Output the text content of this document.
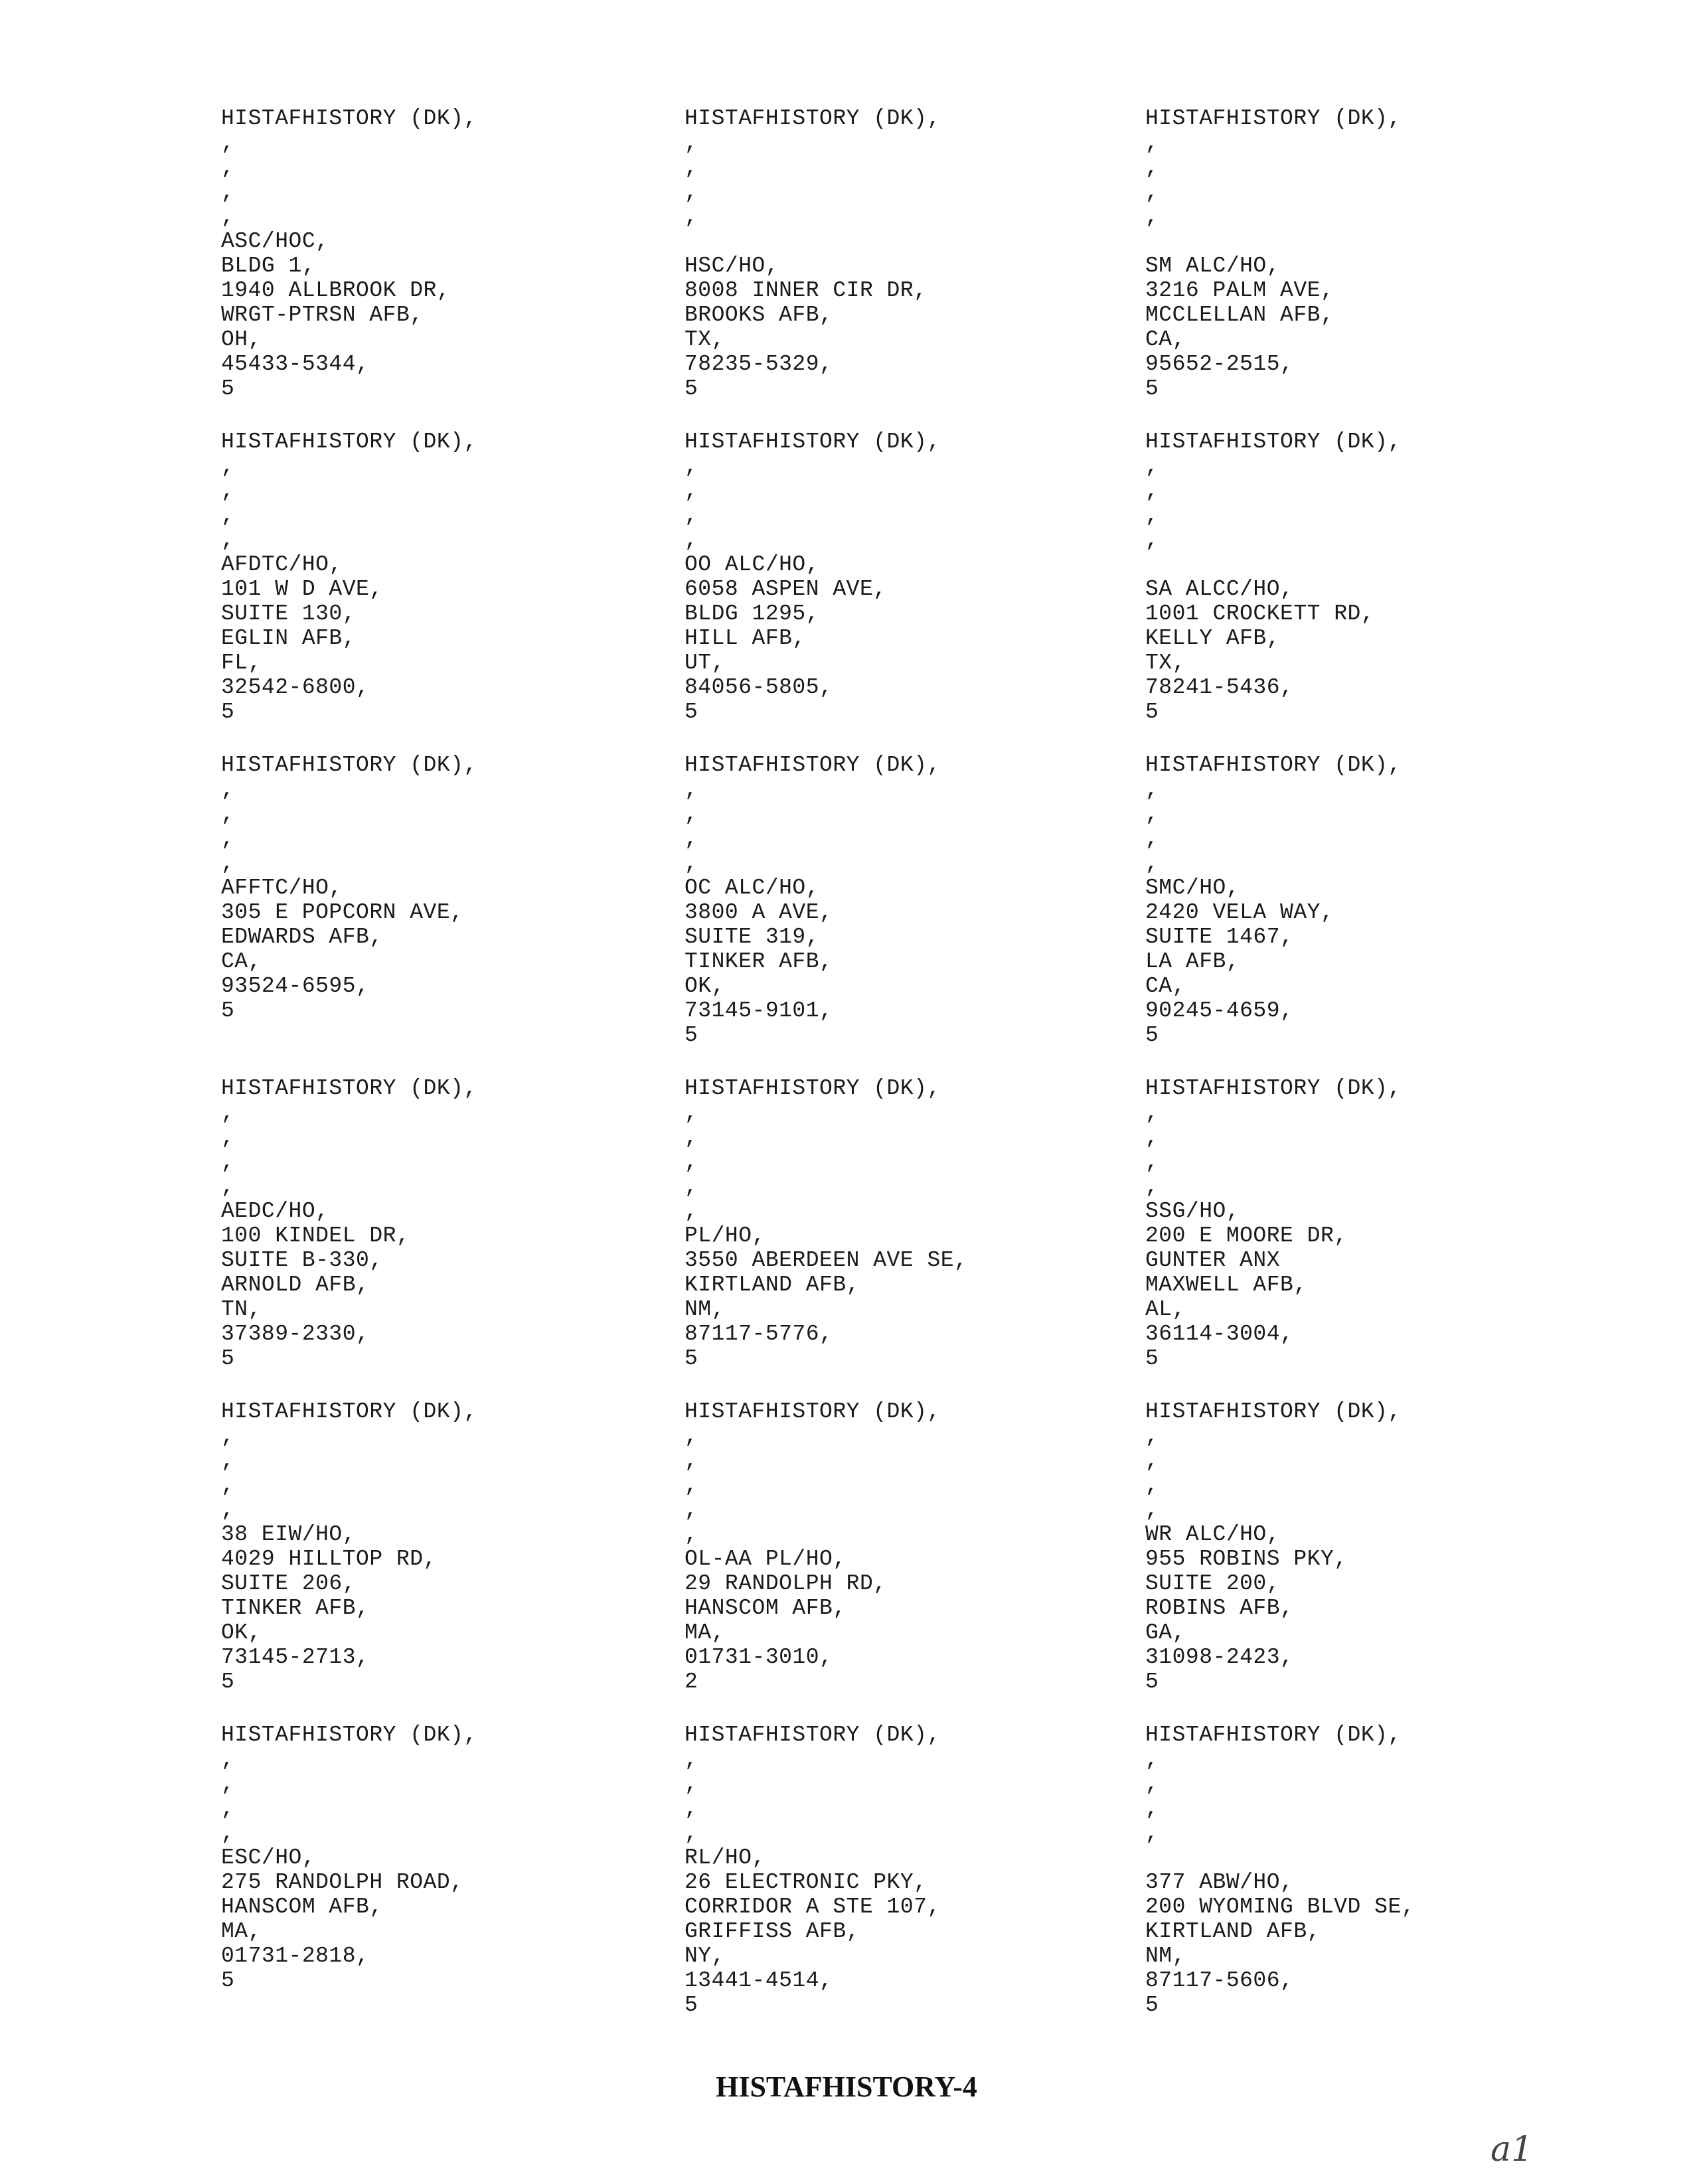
HISTAFHISTORY (DK),
,
,
,
,
ASC/HOC,
BLDG 1,
1940 ALLBROOK DR,
WRGT-PTRSN AFB,
OH,
45433-5344,
5
HISTAFHISTORY (DK),
,
,
,
,
HSC/HO,
8008 INNER CIR DR,
BROOKS AFB,
TX,
78235-5329,
5
HISTAFHISTORY (DK),
,
,
,
,
SM ALC/HO,
3216 PALM AVE,
MCCLELLAN AFB,
CA,
95652-2515,
5
HISTAFHISTORY (DK),
,
,
,
,
AFDTC/HO,
101 W D AVE,
SUITE 130,
EGLIN AFB,
FL,
32542-6800,
5
HISTAFHISTORY (DK),
,
,
,
,
OO ALC/HO,
6058 ASPEN AVE,
BLDG 1295,
HILL AFB,
UT,
84056-5805,
5
HISTAFHISTORY (DK),
,
,
,
,
SA ALCC/HO,
1001 CROCKETT RD,
KELLY AFB,
TX,
78241-5436,
5
HISTAFHISTORY (DK),
,
,
,
,
AFFTC/HO,
305 E POPCORN AVE,
EDWARDS AFB,
CA,
93524-6595,
5
HISTAFHISTORY (DK),
,
,
,
,
OC ALC/HO,
3800 A AVE,
SUITE 319,
TINKER AFB,
OK,
73145-9101,
5
HISTAFHISTORY (DK),
,
,
,
,
SMC/HO,
2420 VELA WAY,
SUITE 1467,
LA AFB,
CA,
90245-4659,
5
HISTAFHISTORY (DK),
,
,
,
,
AEDC/HO,
100 KINDEL DR,
SUITE B-330,
ARNOLD AFB,
TN,
37389-2330,
5
HISTAFHISTORY (DK),
,
,
,
,
,
PL/HO,
3550 ABERDEEN AVE SE,
KIRTLAND AFB,
NM,
87117-5776,
5
HISTAFHISTORY (DK),
,
,
,
,
SSG/HO,
200 E MOORE DR,
GUNTER ANX
MAXWELL AFB,
AL,
36114-3004,
5
HISTAFHISTORY (DK),
,
,
,
,
38 EIW/HO,
4029 HILLTOP RD,
SUITE 206,
TINKER AFB,
OK,
73145-2713,
5
HISTAFHISTORY (DK),
,
,
,
,
,
OL-AA PL/HO,
29 RANDOLPH RD,
HANSCOM AFB,
MA,
01731-3010,
2
HISTAFHISTORY (DK),
,
,
,
,
WR ALC/HO,
955 ROBINS PKY,
SUITE 200,
ROBINS AFB,
GA,
31098-2423,
5
HISTAFHISTORY (DK),
,
,
,
,
ESC/HO,
275 RANDOLPH ROAD,
HANSCOM AFB,
MA,
01731-2818,
5
HISTAFHISTORY (DK),
,
,
,
,
RL/HO,
26 ELECTRONIC PKY,
CORRIDOR A STE 107,
GRIFFISS AFB,
NY,
13441-4514,
5
HISTAFHISTORY (DK),
,
,
,
,
377 ABW/HO,
200 WYOMING BLVD SE,
KIRTLAND AFB,
NM,
87117-5606,
5
HISTAFHISTORY-4
a1
